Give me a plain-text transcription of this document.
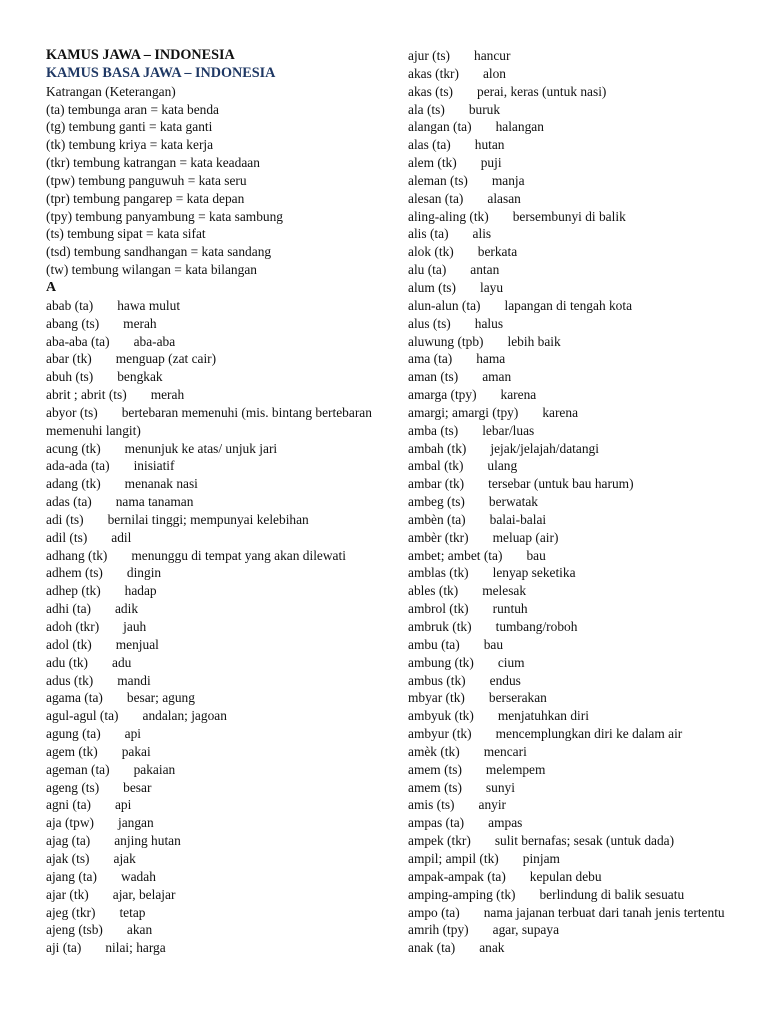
KAMUS JAWA – INDONESIA
KAMUS BASA JAWA – INDONESIA
Katrangan (Keterangan)
(ta) tembunga aran = kata benda
(tg) tembung ganti = kata ganti
(tk) tembung kriya = kata kerja
(tkr) tembung katrangan = kata keadaan
(tpw) tembung panguwuh = kata seru
(tpr) tembung pangarep = kata depan
(tpy) tembung panyambung = kata sambung
(ts) tembung sipat = kata sifat
(tsd) tembung sandhangan = kata sandang
(tw) tembung wilangan = kata bilangan
A
abab (ta) hawa mulut
abang (ts) merah
aba-aba (ta) aba-aba
abar (tk) menguap (zat cair)
abuh (ts) bengkak
abrit ; abrit (ts) merah
abyor (ts) bertebaran memenuhi (mis. bintang bertebaran memenuhi langit)
acung (tk) menunjuk ke atas/ unjuk jari
ada-ada (ta) inisiatif
adang (tk) menanak nasi
adas (ta) nama tanaman
adi (ts) bernilai tinggi; mempunyai kelebihan
adil (ts) adil
adhang (tk) menunggu di tempat yang akan dilewati
adhem (ts) dingin
adhep (tk) hadap
adhi (ta) adik
adoh (tkr) jauh
adol (tk) menjual
adu (tk) adu
adus (tk) mandi
agama (ta) besar; agung
agul-agul (ta) andalan; jagoan
agung (ta) api
agem (tk) pakai
ageman (ta) pakaian
ageng (ts) besar
agni (ta) api
aja (tpw) jangan
ajag (ta) anjing hutan
ajak (ts) ajak
ajang (ta) wadah
ajar (tk) ajar, belajar
ajeg (tkr) tetap
ajeng (tsb) akan
aji (ta) nilai; harga
ajur (ts) hancur
akas (tkr) alon
akas (ts) perai, keras (untuk nasi)
ala (ts) buruk
alangan (ta) halangan
alas (ta) hutan
alem (tk) puji
aleman (ts) manja
alesan (ta) alasan
aling-aling (tk) bersembunyi di balik
alis (ta) alis
alok (tk) berkata
alu (ta) antan
alum (ts) layu
alun-alun (ta) lapangan di tengah kota
alus (ts) halus
aluwung (tpb) lebih baik
ama (ta) hama
aman (ts) aman
amarga (tpy) karena
amargi; amargi (tpy) karena
amba (ts) lebar/luas
ambah (tk) jejak/jelajah/datangi
ambal (tk) ulang
ambar (tk) tersebar (untuk bau harum)
ambeg (ts) berwatak
ambèn (ta) balai-balai
ambèr (tkr) meluap (air)
ambet; ambet (ta) bau
amblas (tk) lenyap seketika
ables (tk) melesak
ambrol (tk) runtuh
ambruk (tk) tumbang/roboh
ambu (ta) bau
ambung (tk) cium
ambus (tk) endus
mbyar (tk) berserakan
ambyuk (tk) menjatuhkan diri
ambyur (tk) mencemplungkan diri ke dalam air
amèk (tk) mencari
amem (ts) melempem
amem (ts) sunyi
amis (ts) anyir
ampas (ta) ampas
ampek (tkr) sulit bernafas; sesak (untuk dada)
ampil; ampil (tk) pinjam
ampak-ampak (ta) kepulan debu
amping-amping (tk) berlindung di balik sesuatu
ampo (ta) nama jajanan terbuat dari tanah jenis tertentu
amrih (tpy) agar, supaya
anak (ta) anak
